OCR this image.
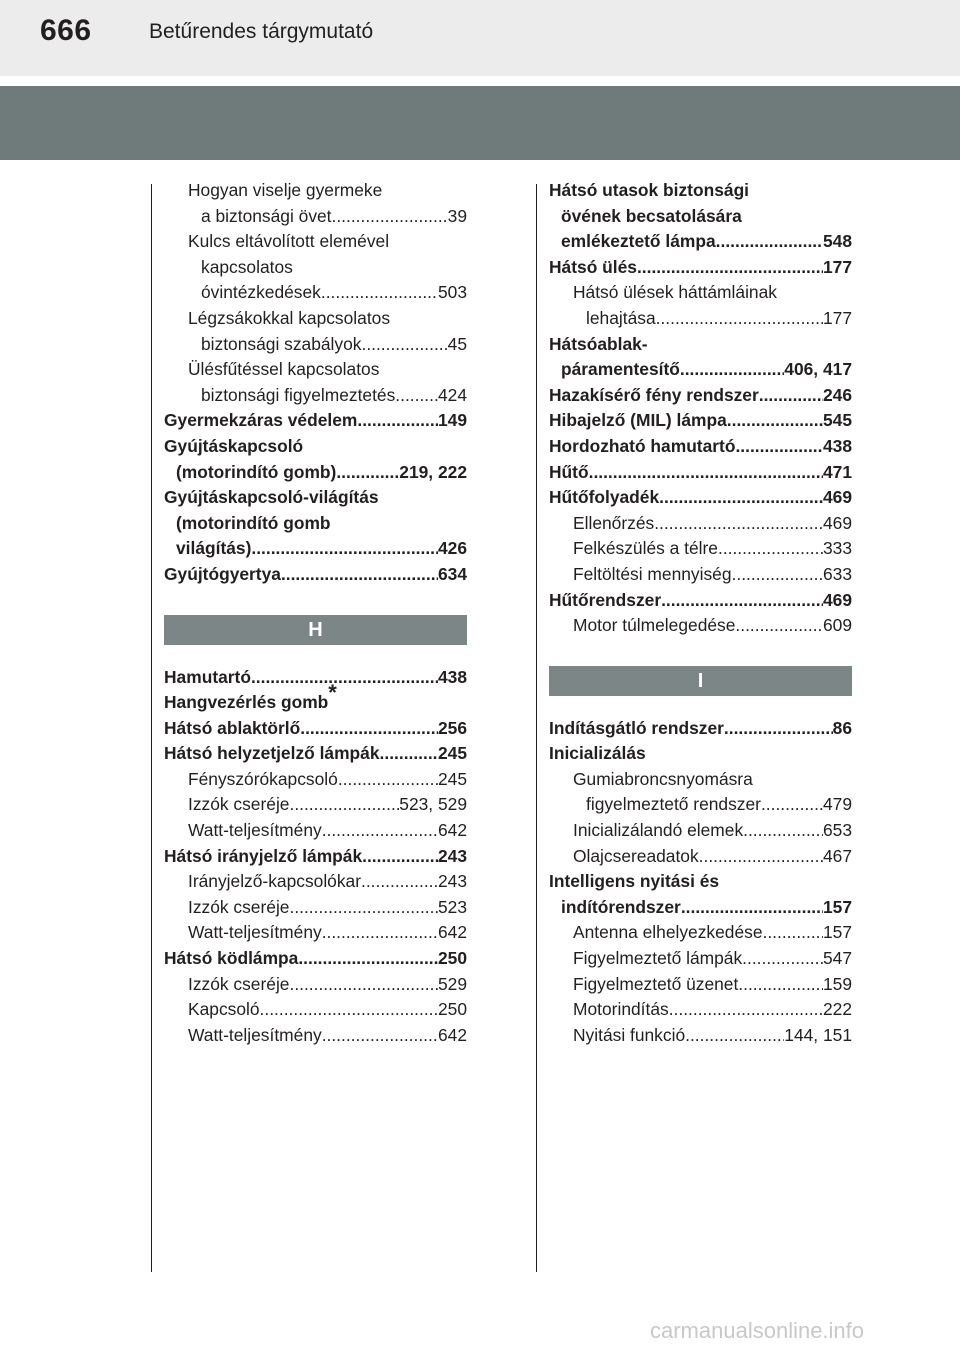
666	Betűrendes tárgymutató
Hogyan viselje gyermeke
a biztonsági övet .....	39
Kulcs eltávolított elemével
kapcsolatos
óvintézkedések .....	503
Légzsákokkal kapcsolatos
biztonsági szabályok .....	45
Ülésfűtéssel kapcsolatos
biztonsági figyelmeztetés ..... 424
Gyermekzáras védelem .....	149
Gyújtáskapcsoló
(motorindító gomb) .....	219, 222
Gyújtáskapcsoló-világítás
(motorindító gomb
világítás) .....	426
Gyújtógyertya .....	634
H
Hamutartó .....	438
Hangvezérlés gomb*
Hátsó ablaktörlő .....	256
Hátsó helyzetjelző lámpák .....	245
Fényszórókapcsoló .....	245
Izzók cseréje .....	523, 529
Watt-teljesítmény .....	642
Hátsó irányjelző lámpák .....	243
Irányjelző-kapcsolókar .....	243
Izzók cseréje .....	523
Watt-teljesítmény .....	642
Hátsó ködlámpa .....	250
Izzók cseréje .....	529
Kapcsoló .....	250
Watt-teljesítmény .....	642
Hátsó utasok biztonsági
övének becsatolására
emlékeztető lámpa .....	548
Hátsó ülés .....	177
Hátsó ülések háttámláinak
lehajtása .....	177
Hátsóablak-
páramentesítő .....	406, 417
Hazakísérő fény rendszer .....	246
Hibajelző (MIL) lámpa .....	545
Hordozható hamutartó .....	438
Hűtő .....	471
Hűtőfolyadék .....	469
Ellenőrzés .....	469
Felkészülés a télre .....	333
Feltöltési mennyiség .....	633
Hűtőrendszer .....	469
Motor túlmelegedése .....	609
I
Indításgátló rendszer .....	86
Inicializálás
Gumiabroncsnyomásra
figyelmeztető rendszer .....	479
Inicializálandó elemek .....	653
Olajcsereadatok .....	467
Intelligens nyitási és
indítórendszer .....	157
Antenna elhelyezkedése .....	157
Figyelmeztető lámpák .....	547
Figyelmeztető üzenet .....	159
Motorindítás .....	222
Nyitási funkció .....	144, 151
carmanualsonline.info
